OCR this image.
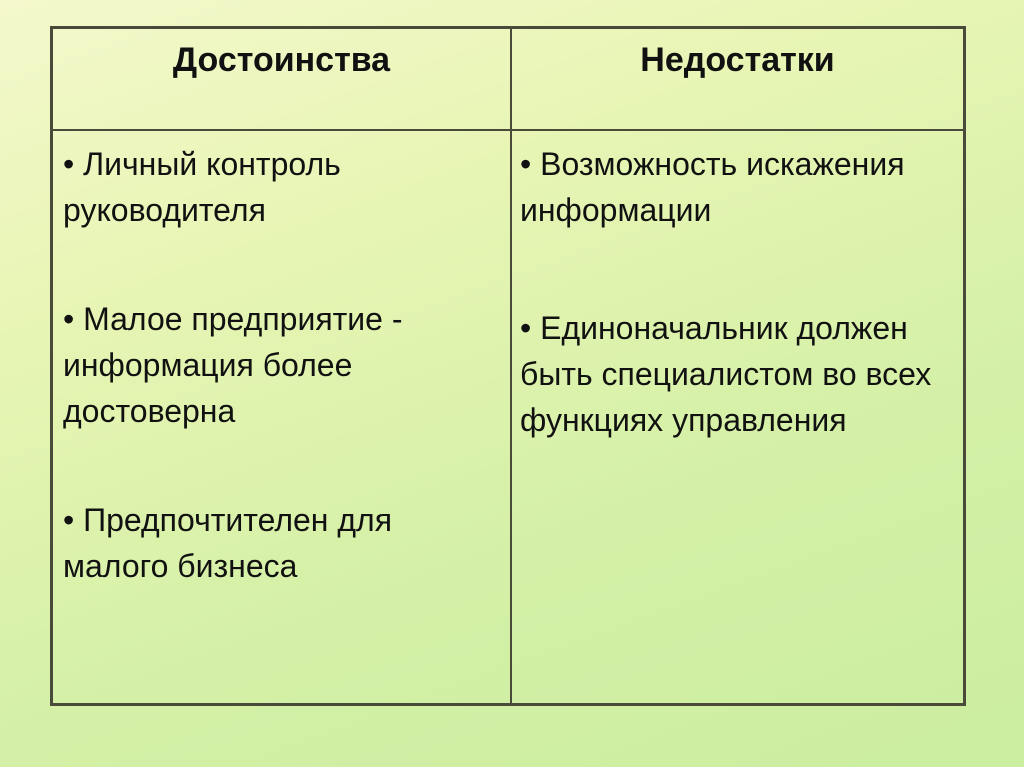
Достоинства	Недостатки

• Личный контроль руководителя

• Малое предприятие - информация более достоверна

• Предпочтителен для малого бизнеса

• Возможность искажения информации

• Единоначальник должен быть специалистом во всех функциях управления
